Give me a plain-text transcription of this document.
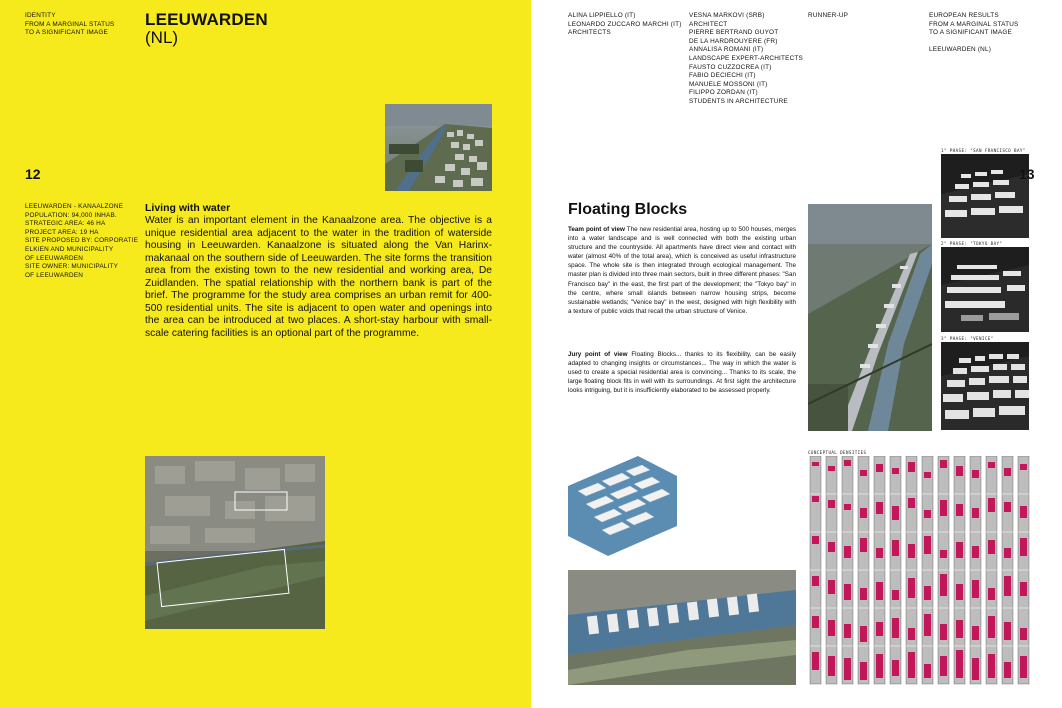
IDENTITY
FROM A MARGINAL STATUS
TO A SIGNIFICANT IMAGE
LEEUWARDEN
(NL)
12
LEEUWARDEN - KANAALZONE
POPULATION: 94,000 INHAB.
STRATEGIC AREA: 46 HA
PROJECT AREA: 19 HA
SITE PROPOSED BY: CORPORATIE
ELKIEN AND MUNICIPALITY
OF LEEUWARDEN
SITE OWNER: MUNICIPALITY
OF LEEUWARDEN
Living with water
Water is an important element in the Kanaalzone area. The objective is a unique residential area adjacent to the water in the tradition of waterside housing in Leeuwarden. Kanaalzone is situated along the Van Harinx-makanaal on the southern side of Leeuwarden. The site forms the transition area from the existing town to the new residential and working area, De Zuidlanden. The spatial relationship with the northern bank is part of the brief. The programme for the study area comprises an urban remit for 400-500 residential units. The site is adjacent to open water and openings into the area can be introduced at two places. A short-stay harbour with small-scale catering facilities is an optional part of the programme.
ALINA LIPPIELLO (IT)
LEONARDO ZUCCARO MARCHI (IT)
ARCHITECTS
VESNA MARKOVI (SRB)
ARCHITECT
PIERRE BERTRAND GUYOT
DE LA HARDROUYERE (FR)
ANNALISA ROMANI (IT)
LANDSCAPE EXPERT-ARCHITECTS
FAUSTO CUZZOCREA (IT)
FABIO DECIECHI (IT)
MANUELE MOSSONI (IT)
FILIPPO ZORDAN (IT)
STUDENTS IN ARCHITECTURE
RUNNER-UP	EUROPEAN RESULTS
FROM A MARGINAL STATUS
TO A SIGNIFICANT IMAGE
LEEUWARDEN (NL)
1° PHASE: "SAN FRANCISCO BAY"
13
2° PHASE: "TOKYO BAY"
3° PHASE: "VENICE"
Floating Blocks
Team point of view The new residential area, hosting up to 500 houses, merges into a water landscape and is well connected with both the existing urban structure and the countryside. All apartments have direct view and contact with water (almost 40% of the total area), which is conceived as useful infrastructure space. The whole site is then integrated through ecological management. The master plan is divided into three main sectors, built in three different phases: "San Francisco bay" in the east, the first part of the development; the "Tokyo bay" in the centre, where small islands between narrow housing strips, become sustainable wetlands; "Venice bay" in the west, designed with high flexibility with a texture of public voids that recall the urban structure of Venice.
Jury point of view Floating Blocks... thanks to its flexibility, can be easily adapted to changing insights or circumstances... The way in which the water is used to create a special residential area is convincing... Thanks to its scale, the large floating block fits in well with its surroundings. At first sight the architecture looks intriguing, but it is insufficiently elaborated to be assessed properly.
CONCEPTUAL DENSITIES
